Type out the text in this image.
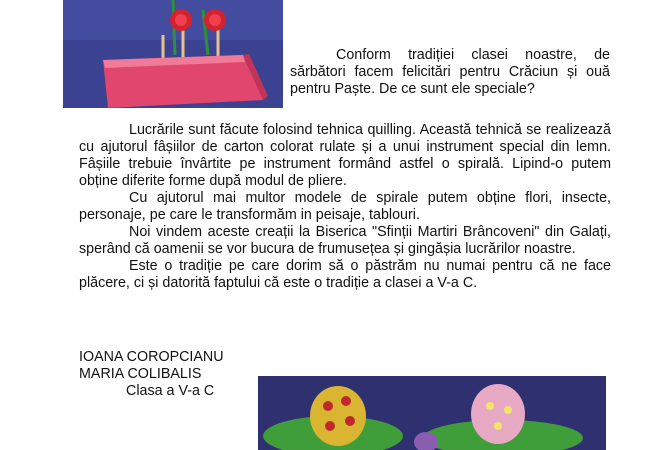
Conform tradiției clasei noastre, de sărbători facem felicitări pentru Crăciun și ouă pentru Paște. De ce sunt ele speciale?

Lucrările sunt făcute folosind tehnica quilling. Această tehnică se realizează cu ajutorul fâșiilor de carton colorat rulate și a unui instrument special din lemn. Fâșiile trebuie învârtite pe instrument formând astfel o spirală. Lipind-o putem obține diferite forme după modul de pliere.

Cu ajutorul mai multor modele de spirale putem obține flori, insecte, personaje, pe care le transformăm in peisaje, tablouri.

Noi vindem aceste creații la Biserica "Sfinții Martiri Brâncoveni" din Galați, sperând că oamenii se vor bucura de frumusețea și gingășia lucrărilor noastre.

Este o tradiție pe care dorim să o păstrăm nu numai pentru că ne face plăcere, ci și datorită faptului că este o tradiție a clasei a V-a C.

IOANA COROPCIANU
MARIA COLIBALIS
Clasa a V-a C
